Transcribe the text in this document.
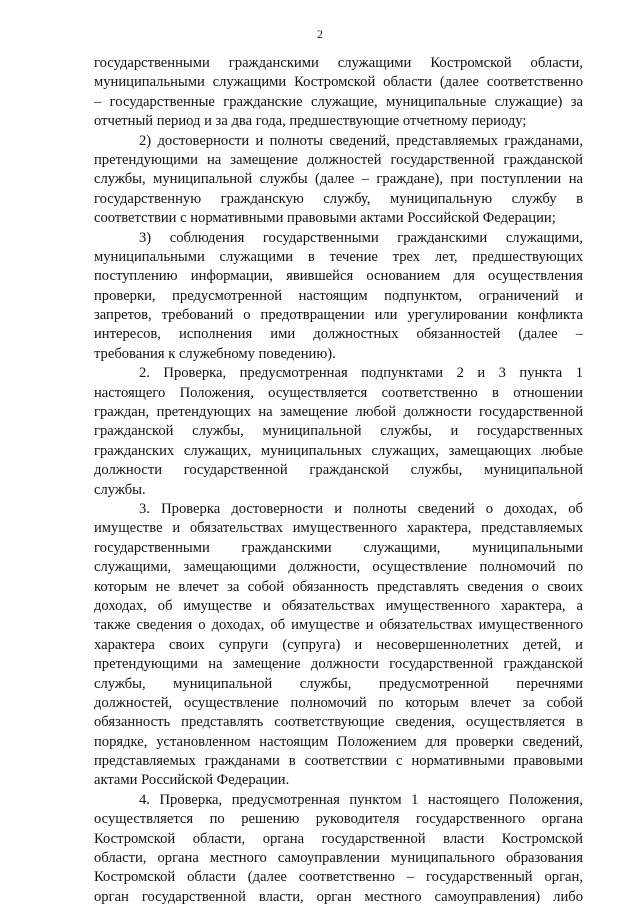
2
государственными гражданскими служащими Костромской области,
муниципальными служащими Костромской области (далее соответственно
– государственные гражданские служащие, муниципальные служащие) за
отчетный период и за два года, предшествующие отчетному периоду;
2) достоверности и полноты сведений, представляемых гражданами,
претендующими на замещение должностей государственной гражданской
службы, муниципальной службы (далее – граждане), при поступлении на
государственную гражданскую службу, муниципальную службу в
соответствии с нормативными правовыми актами Российской Федерации;
3) соблюдения государственными гражданскими служащими,
муниципальными служащими в течение трех лет, предшествующих
поступлению информации, явившейся основанием для осуществления
проверки, предусмотренной настоящим подпунктом, ограничений и
запретов, требований о предотвращении или урегулировании конфликта
интересов, исполнения ими должностных обязанностей (далее –
требования к служебному поведению).
2. Проверка, предусмотренная подпунктами 2 и 3 пункта 1
настоящего Положения, осуществляется соответственно в отношении
граждан, претендующих на замещение любой должности государственной
гражданской службы, муниципальной службы, и государственных
гражданских служащих, муниципальных служащих, замещающих любые
должности государственной гражданской службы, муниципальной
службы.
3. Проверка достоверности и полноты сведений о доходах, об
имуществе и обязательствах имущественного характера, представляемых
государственными гражданскими служащими, муниципальными
служащими, замещающими должности, осуществление полномочий по
которым не влечет за собой обязанность представлять сведения о своих
доходах, об имуществе и обязательствах имущественного характера, а
также сведения о доходах, об имуществе и обязательствах имущественного
характера своих супруги (супруга) и несовершеннолетних детей, и
претендующими на замещение должности государственной гражданской
службы, муниципальной службы, предусмотренной перечнями
должностей, осуществление полномочий по которым влечет за собой
обязанность представлять соответствующие сведения, осуществляется в
порядке, установленном настоящим Положением для проверки сведений,
представляемых гражданами в соответствии с нормативными правовыми
актами Российской Федерации.
4. Проверка, предусмотренная пунктом 1 настоящего Положения,
осуществляется по решению руководителя государственного органа
Костромской области, органа государственной власти Костромской
области, органа местного самоуправлении муниципального образования
Костромской области (далее соответственно – государственный орган,
орган государственной власти, орган местного самоуправления) либо
